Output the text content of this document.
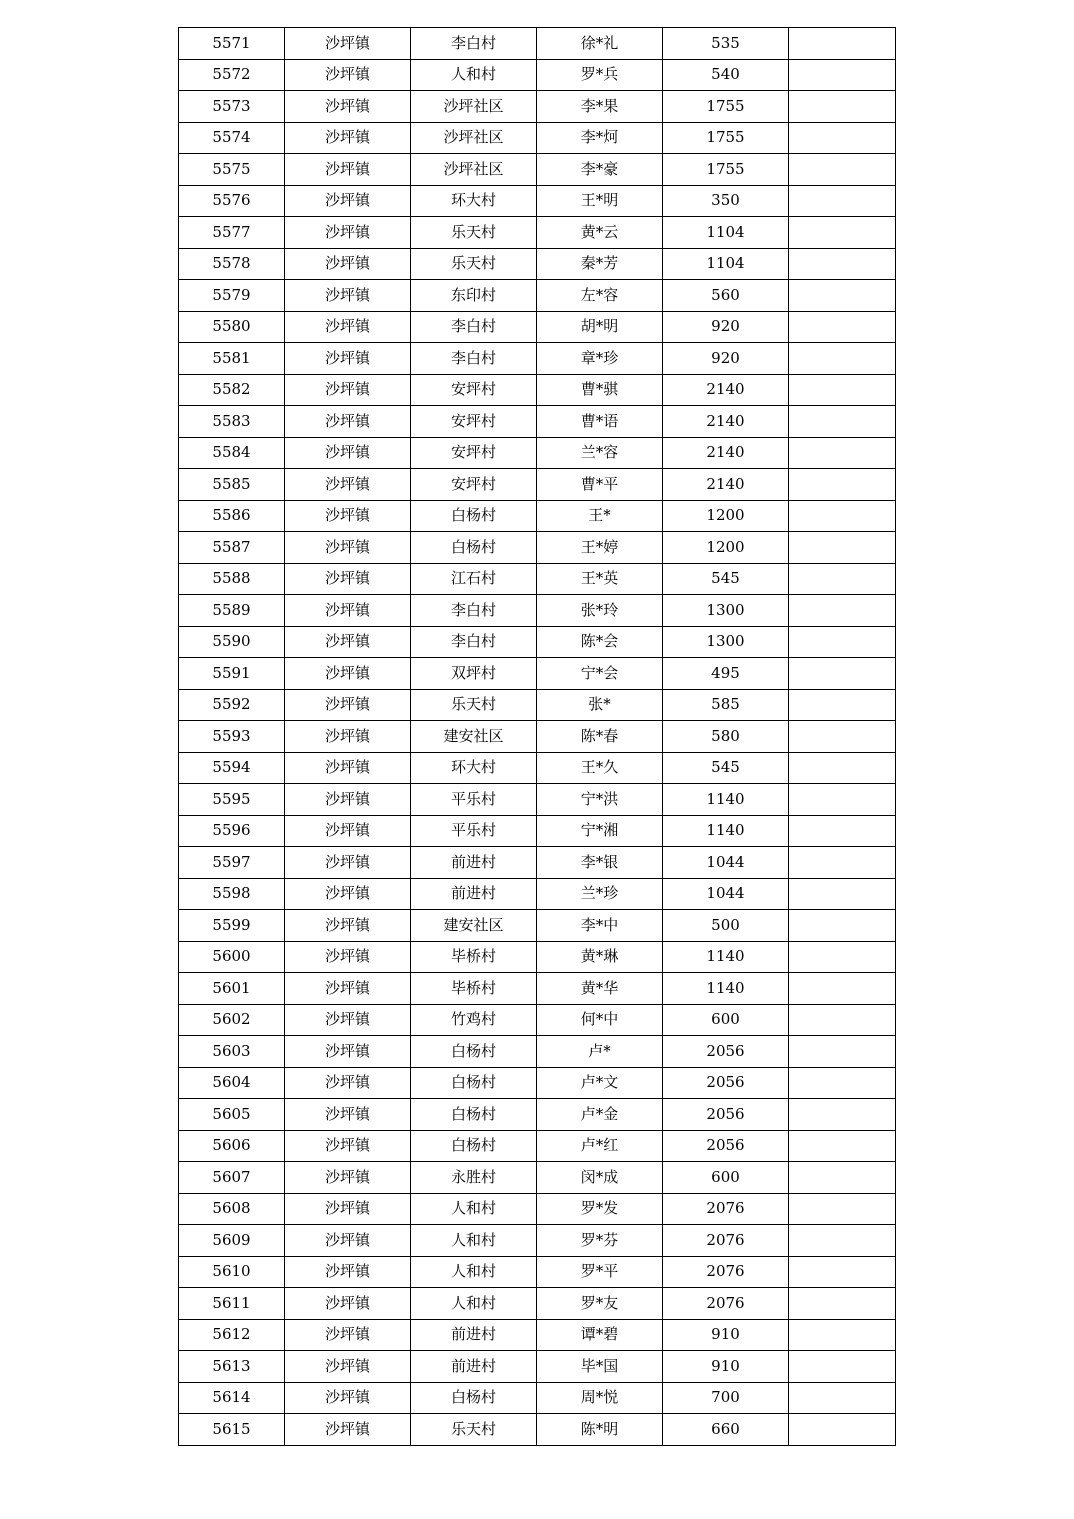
5571	沙坪镇	李白村	徐*礼	535	
5572	沙坪镇	人和村	罗*兵	540	
5573	沙坪镇	沙坪社区	李*果	1755	
5574	沙坪镇	沙坪社区	李*炣	1755	
5575	沙坪镇	沙坪社区	李*豪	1755	
5576	沙坪镇	环大村	王*明	350	
5577	沙坪镇	乐天村	黄*云	1104	
5578	沙坪镇	乐天村	秦*芳	1104	
5579	沙坪镇	东印村	左*容	560	
5580	沙坪镇	李白村	胡*明	920	
5581	沙坪镇	李白村	章*珍	920	
5582	沙坪镇	安坪村	曹*骐	2140	
5583	沙坪镇	安坪村	曹*语	2140	
5584	沙坪镇	安坪村	兰*容	2140	
5585	沙坪镇	安坪村	曹*平	2140	
5586	沙坪镇	白杨村	王*	1200	
5587	沙坪镇	白杨村	王*婷	1200	
5588	沙坪镇	江石村	王*英	545	
5589	沙坪镇	李白村	张*玲	1300	
5590	沙坪镇	李白村	陈*会	1300	
5591	沙坪镇	双坪村	宁*会	495	
5592	沙坪镇	乐天村	张*	585	
5593	沙坪镇	建安社区	陈*春	580	
5594	沙坪镇	环大村	王*久	545	
5595	沙坪镇	平乐村	宁*洪	1140	
5596	沙坪镇	平乐村	宁*湘	1140	
5597	沙坪镇	前进村	李*银	1044	
5598	沙坪镇	前进村	兰*珍	1044	
5599	沙坪镇	建安社区	李*中	500	
5600	沙坪镇	毕桥村	黄*琳	1140	
5601	沙坪镇	毕桥村	黄*华	1140	
5602	沙坪镇	竹鸡村	何*中	600	
5603	沙坪镇	白杨村	卢*	2056	
5604	沙坪镇	白杨村	卢*文	2056	
5605	沙坪镇	白杨村	卢*金	2056	
5606	沙坪镇	白杨村	卢*红	2056	
5607	沙坪镇	永胜村	闵*成	600	
5608	沙坪镇	人和村	罗*发	2076	
5609	沙坪镇	人和村	罗*芬	2076	
5610	沙坪镇	人和村	罗*平	2076	
5611	沙坪镇	人和村	罗*友	2076	
5612	沙坪镇	前进村	谭*碧	910	
5613	沙坪镇	前进村	毕*国	910	
5614	沙坪镇	白杨村	周*悦	700	
5615	沙坪镇	乐天村	陈*明	660	
